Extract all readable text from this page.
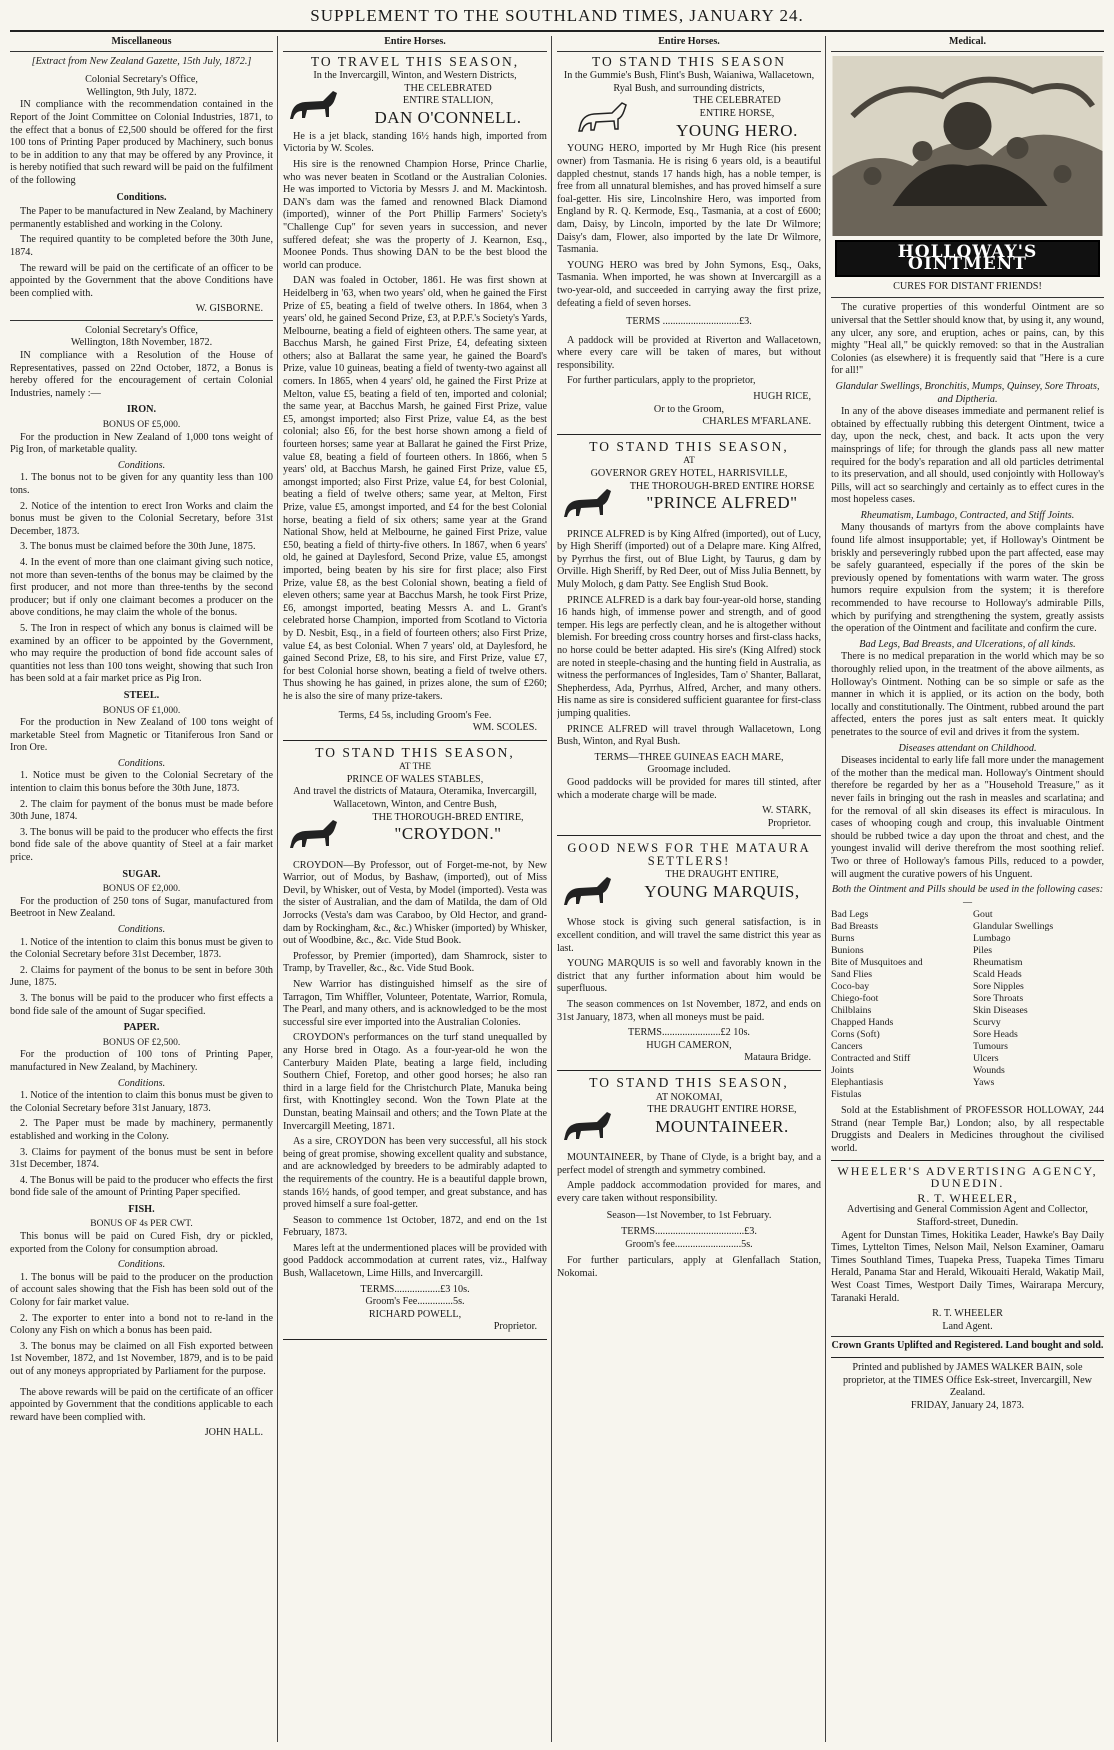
SUPPLEMENT TO THE SOUTHLAND TIMES, JANUARY 24.
Miscellaneous
[Extract from New Zealand Gazette, 15th July, 1872.]
Colonial Secretary's Office,
Wellington, 9th July, 1872.

IN compliance with the recommendation contained in the Report of the Joint Committee on Colonial Industries, 1871, to the effect that a bonus of £2,500 should be offered for the first 100 tons of Printing Paper produced by Machinery, such bonus to be in addition to any that may be offered by any Province, it is hereby notified that such reward will be paid on the fulfilment of the following

Conditions.

The Paper to be manufactured in New Zealand, by Machinery permanently established and working in the Colony.

The required quantity to be completed before the 30th June, 1874.

The reward will be paid on the certificate of an officer to be appointed by the Government that the above Conditions have been complied with.

W. GISBORNE.
Colonial Secretary's Office,
Wellington, 18th November, 1872.

IN compliance with a Resolution of the House of Representatives, passed on 22nd October, 1872, a Bonus is hereby offered for the encouragement of certain Colonial Industries, namely :—

IRON.
BONUS OF £5,000.

For the production in New Zealand of 1,000 tons weight of Pig Iron, of marketable quality.

Conditions.

1. The bonus not to be given for any quantity less than 100 tons.

2. Notice of the intention to erect Iron Works and claim the bonus must be given to the Colonial Secretary, before 31st December, 1873.

3. The bonus must be claimed before the 30th June, 1875.

4. In the event of more than one claimant giving such notice, not more than seven-tenths of the bonus may be claimed by the first producer, and not more than three-tenths by the second producer; but if only one claimant becomes a producer on the above conditions, he may claim the whole of the bonus.

5. The Iron in respect of which any bonus is claimed will be examined by an officer to be appointed by the Government, who may require the production of bond fide account sales of quantities not less than 100 tons weight, showing that such Iron has been sold at a fair market price as Pig Iron.

STEEL.
BONUS OF £1,000.

For the production in New Zealand of 100 tons weight of marketable Steel from Magnetic or Titaniferous Iron Sand or Iron Ore.

Conditions.

1. Notice must be given to the Colonial Secretary of the intention to claim this bonus before the 30th June, 1873.

2. The claim for payment of the bonus must be made before 30th June, 1874.

3. The bonus will be paid to the producer who effects the first bond fide sale of the above quantity of Steel at a fair market price.

SUGAR.
BONUS OF £2,000.

For the production of 250 tons of Sugar, manufactured from Beetroot in New Zealand.

Conditions.

1. Notice of the intention to claim this bonus must be given to the Colonial Secretary before 31st December, 1873.

2. Claims for payment of the bonus to be sent in before 30th June, 1875.

3. The bonus will be paid to the producer who first effects a bond fide sale of the amount of Sugar specified.

PAPER.
BONUS OF £2,500.

For the production of 100 tons of Printing Paper, manufactured in New Zealand, by Machinery.

Conditions.

1. Notice of the intention to claim this bonus must be given to the Colonial Secretary before 31st January, 1873.

2. The Paper must be made by machinery, permanently established and working in the Colony.

3. Claims for payment of the bonus must be sent in before 31st December, 1874.

4. The Bonus will be paid to the producer who effects the first bond fide sale of the amount of Printing Paper specified.

FISH.
BONUS OF 4s PER CWT.

This bonus will be paid on Cured Fish, dry or pickled, exported from the Colony for consumption abroad.

Conditions.

1. The bonus will be paid to the producer on the production of account sales showing that the Fish has been sold out of the Colony for fair market value.

2. The exporter to enter into a bond not to re-land in the Colony any Fish on which a bonus has been paid.

3. The bonus may be claimed on all Fish exported between 1st November, 1872, and 1st November, 1879, and is to be paid out of any moneys appropriated by Parliament for the purpose.

The above rewards will be paid on the certificate of an officer appointed by Government that the conditions applicable to each reward have been complied with.

JOHN HALL.
Entire Horses.
TO TRAVEL THIS SEASON,
In the Invercargill, Winton, and Western Districts,
THE CELEBRATED
ENTIRE STALLION,
DAN O'CONNELL.

He is a jet black, standing 16½ hands high, imported from Victoria by W. Scoles.

His sire is the renowned Champion Horse, Prince Charlie, who was never beaten in Scotland or the Australian Colonies. He was imported to Victoria by Messrs J. and M. Mackintosh. DAN's dam was the famed and renowned Black Diamond (imported), winner of the Port Phillip Farmers' Society's "Challenge Cup" for seven years in succession, and never suffered defeat; she was the property of J. Kearnon, Esq., Moonee Ponds. Thus showing DAN to be the best blood the world can produce.

DAN was foaled in October, 1861. He was first shown at Heidelberg in '63, when two years' old, when he gained the First Prize of £5, beating a field of twelve others. In 1864, when 3 years' old, he gained Second Prize, £3, at P.P.F.'s Society's Yards, Melbourne, beating a field of eighteen others. The same year, at Bacchus Marsh, he gained First Prize, £4, defeating sixteen others; also at Ballarat the same year, he gained the Board's Prize, value 10 guineas, beating a field of twenty-two against all comers. In 1865, when 4 years' old, he gained the First Prize at Melton, value £5, beating a field of ten, imported and colonial; the same year, at Bacchus Marsh, he gained First Prize, value £5, amongst imported; also First Prize, value £4, as the best colonial; also £6, for the best horse shown among a field of fourteen horses; same year at Ballarat he gained the First Prize, value £8, beating a field of fourteen others. In 1866, when 5 years' old, at Bacchus Marsh, he gained First Prize, value £5, amongst imported; also First Prize, value £4, for best Colonial, beating a field of twelve others; same year, at Melton, First Prize, value £5, amongst imported, and £4 for the best Colonial horse, beating a field of six others; same year at the Grand National Show, held at Melbourne, he gained First Prize, value £50, beating a field of thirty-five others. In 1867, when 6 years' old, he gained at Daylesford, Second Prize, value £5, amongst imported, being beaten by his sire for first place; also First Prize, value £8, as the best Colonial shown, beating a field of eleven others; same year at Bacchus Marsh, he took First Prize, £6, amongst imported, beating Messrs A. and L. Grant's celebrated horse Champion, imported from Scotland to Victoria by D. Nesbit, Esq., in a field of fourteen others; also First Prize, value £4, as best Colonial. When 7 years' old, at Daylesford, he gained Second Prize, £8, to his sire, and First Prize, value £7, for best Colonial horse shown, beating a field of twelve others. Thus showing he has gained, in prizes alone, the sum of £260; he is also the sire of many prize-takers.

Terms, £4 5s, including Groom's Fee.
WM. SCOLES.
TO STAND THIS SEASON,
AT THE
PRINCE OF WALES STABLES,
And travel the districts of Mataura, Oteramika, Invercargill, Wallacetown, Winton, and Centre Bush,
THE THOROUGH-BRED ENTIRE,
"CROYDON."

CROYDON—By Professor, out of Forget-me-not, by New Warrior, out of Modus, by Bashaw, (imported), out of Miss Devil, by Whisker, out of Vesta, by Model (imported). Vesta was the sister of Australian, and the dam of Matilda, the dam of Old Jorrocks (Vesta's dam was Caraboo, by Old Hector, and grand-dam by Rockingham, &c., &c.) Whisker (imported) by Whisker, out of Woodbine, &c., &c. Vide Stud Book.

Professor, by Premier (imported), dam Shamrock, sister to Tramp, by Traveller, &c., &c. Vide Stud Book.

New Warrior has distinguished himself as the sire of Tarragon, Tim Whiffler, Volunteer, Potentate, Warrior, Romula, The Pearl, and many others, and is acknowledged to be the most successful sire ever imported into the Australian Colonies.

CROYDON's performances on the turf stand unequalled by any Horse bred in Otago. As a four-year-old he won the Canterbury Maiden Plate, beating a large field, including Southern Chief, Foretop, and other good horses; he also ran third in a large field for the Christchurch Plate, Manuka being first, with Knottingley second. Won the Town Plate at the Dunstan, beating Mainsail and others; and the Town Plate at the Invercargill Meeting, 1871.

As a sire, CROYDON has been very successful, all his stock being of great promise, showing excellent quality and substance, and are acknowledged by breeders to be admirably adapted to the requirements of the country. He is a beautiful dapple brown, stands 16½ hands, of good temper, and great substance, and has proved himself a sure foal-getter.

Season to commence 1st October, 1872, and end on the 1st February, 1873.

Mares left at the undermentioned places will be provided with good Paddock accommodation at current rates, viz., Halfway Bush, Wallacetown, Lime Hills, and Invercargill.

TERMS..................£3 10s.
Groom's Fee..............5s.
RICHARD POWELL,
Proprietor.
Entire Horses.
TO STAND THIS SEASON
In the Gummie's Bush, Flint's Bush, Waianiwa, Wallacetown, Ryal Bush, and surrounding districts,
THE CELEBRATED
ENTIRE HORSE,
YOUNG HERO.

YOUNG HERO, imported by Mr Hugh Rice (his present owner) from Tasmania. He is rising 6 years old, is a beautiful dappled chestnut, stands 17 hands high, has a noble temper, is free from all unnatural blemishes, and has proved himself a sure foal-getter. His sire, Lincolnshire Hero, was imported from England by R. Q. Kermode, Esq., Tasmania, at a cost of £600; dam, Daisy, by Lincoln, imported by the late Dr Wilmore; Daisy's dam, Flower, also imported by the late Dr Wilmore, Tasmania.

YOUNG HERO was bred by John Symons, Esq., Oaks, Tasmania. When imported, he was shown at Invercargill as a two-year-old, and succeeded in carrying away the first prize, defeating a field of seven horses.

TERMS ..............................£3.

A paddock will be provided at Riverton and Wallacetown, where every care will be taken of mares, but without responsibility.

For further particulars, apply to the proprietor,

HUGH RICE,
Or to the Groom,
CHARLES M'FARLANE.
TO STAND THIS SEASON,
AT
GOVERNOR GREY HOTEL, HARRISVILLE,
THE THOROUGH-BRED ENTIRE HORSE
"PRINCE ALFRED"

PRINCE ALFRED is by King Alfred (imported), out of Lucy, by High Sheriff (imported) out of a Delapre mare. King Alfred, by Pyrrhus the first, out of Blue Light, by Taurus, g dam by Orville. High Sheriff, by Red Deer, out of Miss Julia Bennett, by Muly Moloch, g dam Patty. See English Stud Book.

PRINCE ALFRED is a dark bay four-year-old horse, standing 16 hands high, of immense power and strength, and of good temper. His legs are perfectly clean, and he is altogether without blemish. For breeding cross country horses and first-class hacks, no horse could be better adapted. His sire's (King Alfred) stock are noted in steeple-chasing and the hunting field in Australia, as witness the performances of Inglesides, Tam o' Shanter, Ballarat, Shepherdess, Ada, Pyrrhus, Alfred, Archer, and many others. His name as sire is considered sufficient guarantee for first-class jumping qualities.

PRINCE ALFRED will travel through Wallacetown, Long Bush, Winton, and Ryal Bush.

TERMS—THREE GUINEAS EACH MARE,
Groomage included.

Good paddocks will be provided for mares till stinted, after which a moderate charge will be made.

W. STARK,
Proprietor.
GOOD NEWS FOR THE MATAURA SETTLERS!
THE DRAUGHT ENTIRE,
YOUNG MARQUIS,

Whose stock is giving such general satisfaction, is in excellent condition, and will travel the same district this year as last.

YOUNG MARQUIS is so well and favorably known in the district that any further information about him would be superfluous.

The season commences on 1st November, 1872, and ends on 31st January, 1873, when all moneys must be paid.

TERMS.......................£2 10s.
HUGH CAMERON,
Mataura Bridge.
TO STAND THIS SEASON,
AT NOKOMAI,
THE DRAUGHT ENTIRE HORSE,
MOUNTAINEER.

MOUNTAINEER, by Thane of Clyde, is a bright bay, and a perfect model of strength and symmetry combined.

Ample paddock accommodation provided for mares, and every care taken without responsibility.

Season—1st November, to 1st February.
TERMS...................................£3.
Groom's fee..........................5s.

For further particulars, apply at Glenfallach Station, Nokomai.

Medical.
HOLLOWAY'S OINTMENT
CURES FOR DISTANT FRIENDS!

The curative properties of this wonderful Ointment are so universal that the Settler should know that, by using it, any wound, any ulcer, any sore, and eruption, aches or pains, can, by this mighty "Heal all," be quickly removed: so that in the Australian Colonies (as elsewhere) it is frequently said that "Here is a cure for all!"

Glandular Swellings, Bronchitis, Mumps, Quinsey, Sore Throats, and Diptheria.

In any of the above diseases immediate and permanent relief is obtained by effectually rubbing this detergent Ointment, twice a day, upon the neck, chest, and back. It acts upon the very mainsprings of life; for through the glands pass all new matter required for the body's reparation and all old particles detrimental to its preservation, and all should, used conjointly with Holloway's Pills, will act so searchingly and certainly as to effect cures in the most hopeless cases.

Rheumatism, Lumbago, Contracted, and Stiff Joints.

Many thousands of martyrs from the above complaints have found life almost insupportable; yet, if Holloway's Ointment be briskly and perseveringly rubbed upon the part affected, ease may be safely guaranteed, especially if the pores of the skin be previously opened by fomentations with warm water. The gross humors require expulsion from the system; it is therefore recommended to have recourse to Holloway's admirable Pills, which by purifying and strengthening the system, greatly assists the operation of the Ointment and facilitate and confirm the cure.

Bad Legs, Bad Breasts, and Ulcerations, of all kinds.

There is no medical preparation in the world which may be so thoroughly relied upon, in the treatment of the above ailments, as Holloway's Ointment. Nothing can be so simple or safe as the manner in which it is applied, or its action on the body, both locally and constitutionally. The Ointment, rubbed around the part affected, enters the pores just as salt enters meat. It quickly penetrates to the source of evil and drives it from the system.

Diseases attendant on Childhood.

Diseases incidental to early life fall more under the management of the mother than the medical man. Holloway's Ointment should therefore be regarded by her as a "Household Treasure," as it never fails in bringing out the rash in measles and scarlatina; and for the removal of all skin diseases its effect is miraculous. In cases of whooping cough and croup, this invaluable Ointment should be rubbed twice a day upon the throat and chest, and the youngest invalid will derive therefrom the most soothing relief. Two or three of Holloway's famous Pills, reduced to a powder, will augment the curative powers of his Unguent.

Both the Ointment and Pills should be used in the following cases:—
Bad Legs
Bad Breasts
Burns
Bunions
Bite of Musquitoes and
Sand Flies
Coco-bay
Chiego-foot
Chilblains
Chapped Hands
Corns (Soft)
Cancers
Contracted and Stiff
Joints
Elephantiasis
Fistulas
Gout
Glandular Swellings
Lumbago
Piles
Rheumatism
Scald Heads
Sore Nipples
Sore Throats
Skin Diseases
Scurvy
Sore Heads
Tumours
Ulcers
Wounds
Yaws

Sold at the Establishment of PROFESSOR HOLLOWAY, 244 Strand (near Temple Bar,) London; also, by all respectable Druggists and Dealers in Medicines throughout the civilised world.

WHEELER'S ADVERTISING AGENCY, DUNEDIN.
R. T. WHEELER,
Advertising and General Commission Agent and Collector,
Stafford-street, Dunedin.

Agent for Dunstan Times, Hokitika Leader, Hawke's Bay Daily Times, Lyttelton Times, Nelson Mail, Nelson Examiner, Oamaru Times Southland Times, Tuapeka Press, Tuapeka Times Timaru Herald, Panama Star and Herald, Wikouaiti Herald, Wakatip Mail, West Coast Times, Westport Daily Times, Wairarapa Mercury, Taranaki Herald.

R. T. WHEELER
Land Agent.
Crown Grants Uplifted and Registered. Land bought and sold.
Printed and published by JAMES WALKER BAIN, sole proprietor, at the TIMES Office Esk-street, Invercargill, New Zealand.
FRIDAY, January 24, 1873.
